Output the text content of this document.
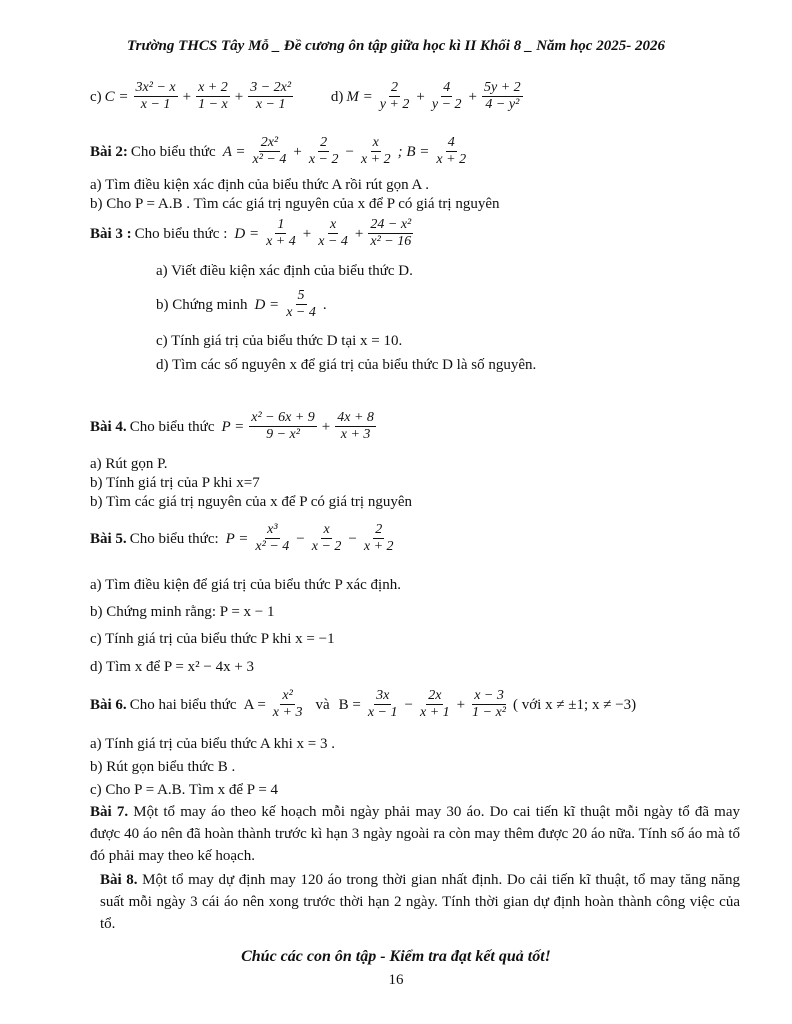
Trường THCS Tây Mỗ _ Đề cương ôn tập giữa học kì II Khối 8 _ Năm học 2025- 2026
c) $C = \frac{\text{3x² − x}}{x - 1} + \frac{x + 2}{1 - x} + \frac{\text{3 − 2x²}}{x - 1}$
	d) $M = \frac{2}{y + 2} + \frac{4}{y - 2} + \frac{5y + 2}{\text{4 − y²}}$
Bài 2: Cho biểu thức $A = \frac{\text{2x²}}{\text{x² − 4}} + \frac{2}{x - 2} - \frac{x}{x + 2}$ ; $B = \frac{4}{x + 2}$
a) Tìm điều kiện xác định của biểu thức A rồi rút gọn A .
b) Cho P = A.B . Tìm các giá trị nguyên của x để P có giá trị nguyên
Bài 3 : Cho biểu thức : $D = \frac{1}{x + 4} + \frac{x}{x - 4} + \frac{\text{24 − x²}}{\text{x² − 16}}$
a) Viết điều kiện xác định của biểu thức D.
b) Chứng minh $D = \frac{5}{x - 4}$ .
c) Tính giá trị của biểu thức D tại x = 10.
d) Tìm các số nguyên x để giá trị của biểu thức D là số nguyên.
Bài 4. Cho biểu thức $P = \frac{\text{x² − 6x + 9}}{\text{9 − x²}} + \frac{4x + 8}{x + 3}$
a) Rút gọn P.
b) Tính giá trị của P khi x=7
b) Tìm các giá trị nguyên của x để P có giá trị nguyên
Bài 5. Cho biểu thức: $P = \frac{\text{x³}}{\text{x² − 4}} - \frac{x}{x - 2} - \frac{2}{x + 2}$
a) Tìm điều kiện để giá trị của biểu thức P xác định.
b) Chứng minh rằng: P = x − 1
c) Tính giá trị của biểu thức P khi x = −1
d) Tìm x để P = x² − 4x + 3
Bài 6. Cho hai biểu thức $A = \frac{\text{x²}}{x + 3}$ và $B = \frac{3x}{x - 1} - \frac{2x}{x + 1} + \frac{x - 3}{\text{1 − x²}}$ ( với x ≠ ±1; x ≠ −3)
a) Tính giá trị của biểu thức A khi x = 3 .
b) Rút gọn biểu thức B .
c) Cho P = A.B. Tìm x để P = 4
Bài 7. Một tổ may áo theo kế hoạch mỗi ngày phải may 30 áo. Do cai tiến kĩ thuật mỗi ngày tổ đã may được 40 áo nên đã hoàn thành trước kì hạn 3 ngày ngoài ra còn may thêm được 20 áo nữa. Tính số áo mà tổ đó phải may theo kế hoạch.
Bài 8. Một tổ may dự định may 120 áo trong thời gian nhất định. Do cải tiến kĩ thuật, tổ may tăng năng suất mỗi ngày 3 cái áo nên xong trước thời hạn 2 ngày. Tính thời gian dự định hoàn thành công việc của tổ.
Chúc các con ôn tập - Kiểm tra đạt kết quả tốt!
16
